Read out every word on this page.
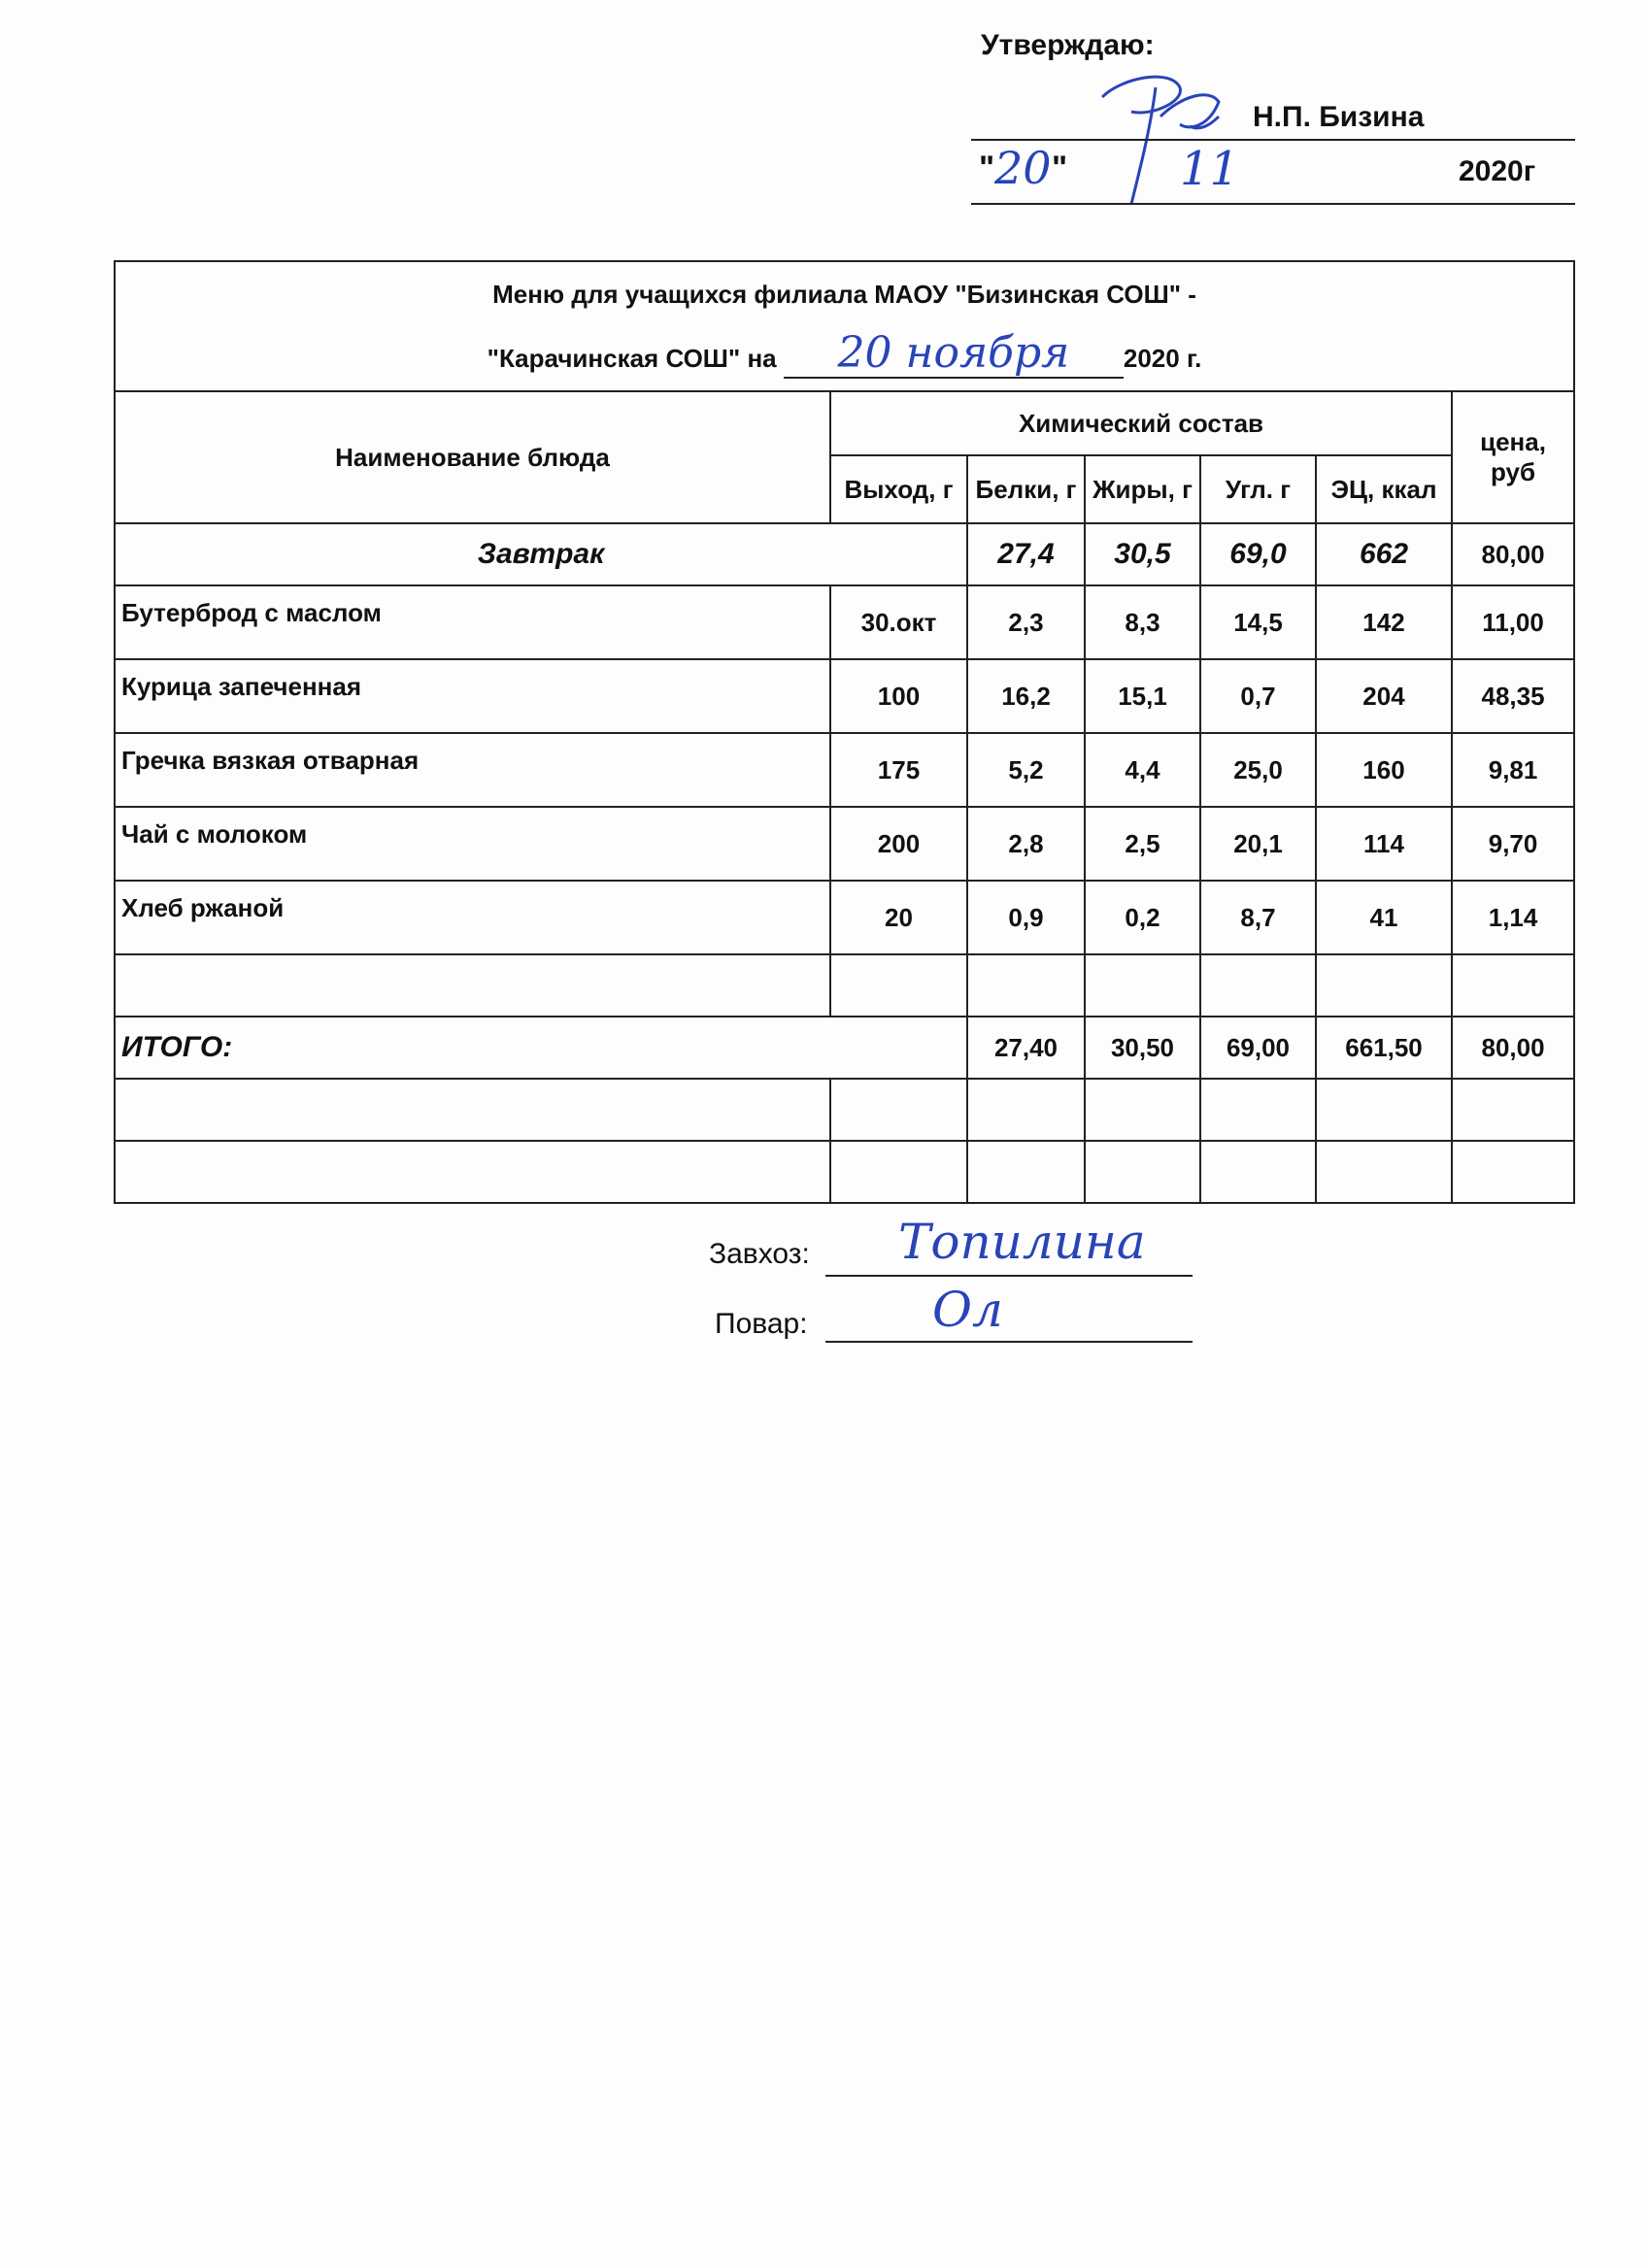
Утверждаю:
Н.П. Бизина
" 20 " 11	2020г
Меню для учащихся филиала МАОУ "Бизинская СОШ" -
"Карачинская СОШ" на 20 ноября 2020 г.						
Наименование блюда	Химический состав					цена, руб
	Выход, г	Белки, г	Жиры, г	Угл. г	ЭЦ, ккал	
Завтрак		27,4	30,5	69,0	662	80,00
Бутерброд с маслом	30.окт	2,3	8,3	14,5	142	11,00
Курица запеченная	100	16,2	15,1	0,7	204	48,35
Гречка вязкая отварная	175	5,2	4,4	25,0	160	9,81
Чай с молоком	200	2,8	2,5	20,1	114	9,70
Хлеб ржаной	20	0,9	0,2	8,7	41	1,14

ИТОГО:		27,40	30,50	69,00	661,50	80,00

Завхоз: Топилина
Повар:	Ол
